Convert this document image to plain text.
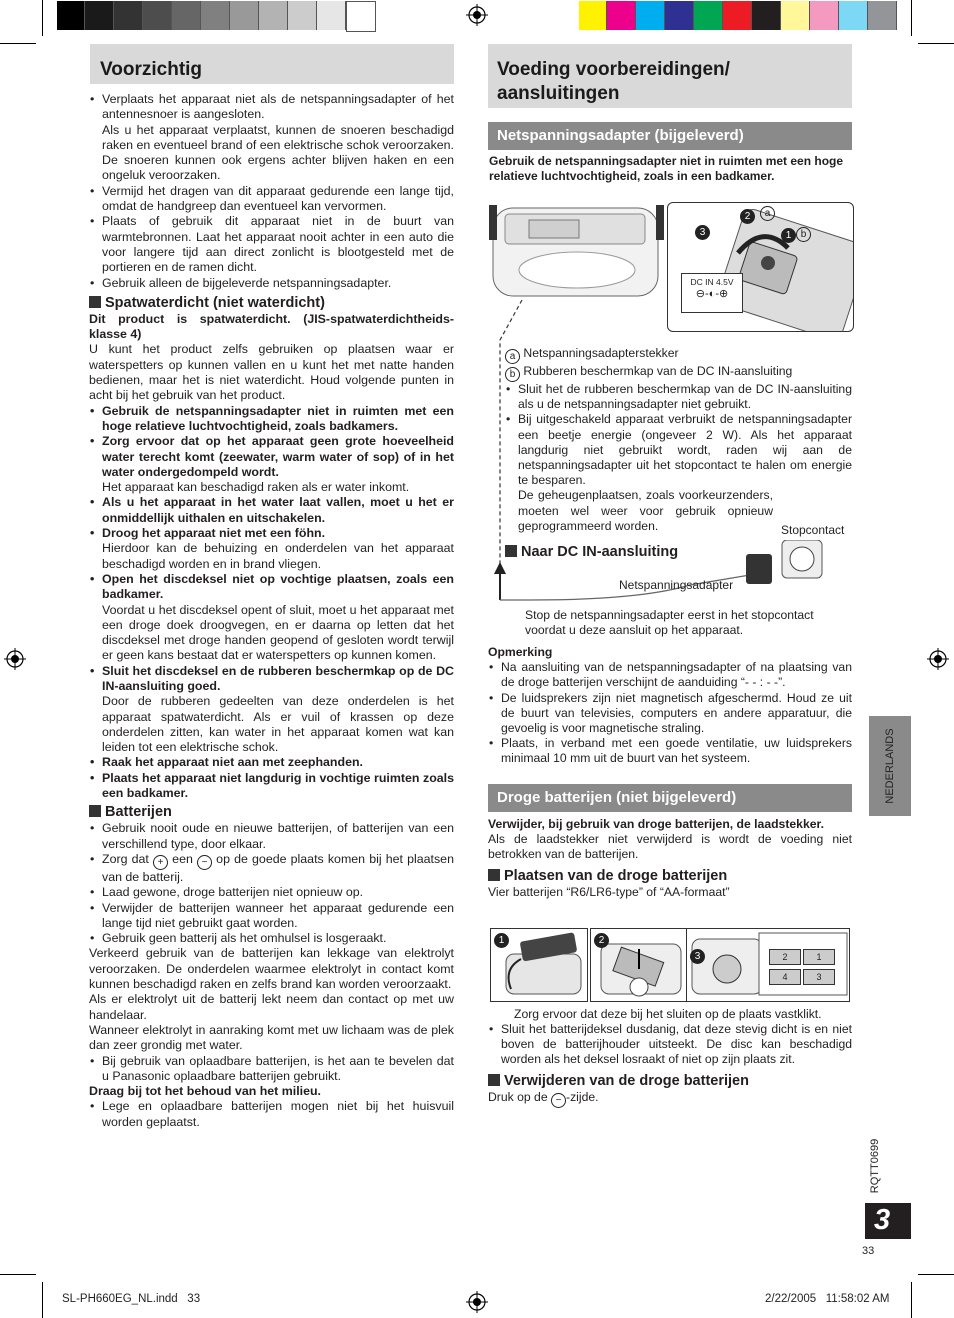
Voorzichtig

• Verplaats het apparaat niet als de netspanningsadapter of het antennesnoer is aangesloten.

Als u het apparaat verplaatst, kunnen de snoeren beschadigd raken en eventueel brand of een elektrische schok veroorzaken. De snoeren kunnen ook ergens achter blijven haken en een ongeluk veroorzaken.

• Vermijd het dragen van dit apparaat gedurende een lange tijd, omdat de handgreep dan eventueel kan vervormen.

• Plaats of gebruik dit apparaat niet in de buurt van warmtebronnen. Laat het apparaat nooit achter in een auto die voor langere tijd aan direct zonlicht is blootgesteld met de portieren en de ramen dicht.

• Gebruik alleen de bijgeleverde netspanningsadapter.

Spatwaterdicht (niet waterdicht)

Dit product is spatwaterdicht. (JIS-spatwaterdichtheids-klasse 4)

U kunt het product zelfs gebruiken op plaatsen waar er waterspetters op kunnen vallen en u kunt het met natte handen bedienen, maar het is niet waterdicht. Houd volgende punten in acht bij het gebruik van het product.

• Gebruik de netspanningsadapter niet in ruimten met een hoge relatieve luchtvochtigheid, zoals badkamers.

• Zorg ervoor dat op het apparaat geen grote hoeveelheid water terecht komt (zeewater, warm water of sop) of in het water ondergedompeld wordt.

Het apparaat kan beschadigd raken als er water inkomt.

• Als u het apparaat in het water laat vallen, moet u het er onmiddellijk uithalen en uitschakelen.

• Droog het apparaat niet met een föhn.

Hierdoor kan de behuizing en onderdelen van het apparaat beschadigd worden en in brand vliegen.

• Open het discdeksel niet op vochtige plaatsen, zoals een badkamer.

Voordat u het discdeksel opent of sluit, moet u het apparaat met een droge doek droogvegen, en er daarna op letten dat het discdeksel met droge handen geopend of gesloten wordt terwijl er geen kans bestaat dat er waterspetters op kunnen komen.

• Sluit het discdeksel en de rubberen beschermkap op de DC IN-aansluiting goed.

Door de rubberen gedeelten van deze onderdelen is het apparaat spatwaterdicht. Als er vuil of krassen op deze onderdelen zitten, kan water in het apparaat komen wat kan leiden tot een elektrische schok.

• Raak het apparaat niet aan met zeephanden.

• Plaats het apparaat niet langdurig in vochtige ruimten zoals een badkamer.

Batterijen

• Gebruik nooit oude en nieuwe batterijen, of batterijen van een verschillend type, door elkaar.

• Zorg dat + een − op de goede plaats komen bij het plaatsen van de batterij.

• Laad gewone, droge batterijen niet opnieuw op.

• Verwijder de batterijen wanneer het apparaat gedurende een lange tijd niet gebruikt gaat worden.

• Gebruik geen batterij als het omhulsel is losgeraakt.

Verkeerd gebruik van de batterijen kan lekkage van elektrolyt veroorzaken. De onderdelen waarmee elektrolyt in contact komt kunnen beschadigd raken en zelfs brand kan worden veroorzaakt.

Als er elektrolyt uit de batterij lekt neem dan contact op met uw handelaar.

Wanneer elektrolyt in aanraking komt met uw lichaam was de plek dan zeer grondig met water.

• Bij gebruik van oplaadbare batterijen, is het aan te bevelen dat u Panasonic oplaadbare batterijen gebruikt.

Draag bij tot het behoud van het milieu.

• Lege en oplaadbare batterijen mogen niet bij het huisvuil worden geplaatst.

Voeding voorbereidingen/ aansluitingen
Netspanningsadapter (bijgeleverd)
Gebruik de netspanningsadapter niet in ruimten met een hoge relatieve luchtvochtigheid, zoals in een badkamer.
DC IN 4.5V
⊖‑◐‑⊕
a
b
2
1
3

a Netspanningsadapterstekker

b Rubberen beschermkap van de DC IN-aansluiting

• Sluit het de rubberen beschermkap van de DC IN-aansluiting als u de netspanningsadapter niet gebruikt.

• Bij uitgeschakeld apparaat verbruikt de netspanningsadapter een beetje energie (ongeveer 2 W). Als het apparaat langdurig niet gebruikt wordt, raden wij aan de netspanningsadapter uit het stopcontact te halen om energie te besparen.

De geheugenplaatsen, zoals voorkeurzenders, moeten wel weer voor gebruik opnieuw geprogrammeerd worden.	Stopcontact
Naar DC IN-aansluiting
Netspanningsadapter
Stop de netspanningsadapter eerst in het stopcontact voordat u deze aansluit op het apparaat.

Opmerking

• Na aansluiting van de netspanningsadapter of na plaatsing van de droge batterijen verschijnt de aanduiding “- - : - -”.

• De luidsprekers zijn niet magnetisch afgeschermd. Houd ze uit de buurt van televisies, computers en andere apparatuur, die gevoelig is voor magnetische straling.

• Plaats, in verband met een goede ventilatie, uw luidsprekers minimaal 10 mm uit de buurt van het systeem.

Droge batterijen (niet bijgeleverd)

Verwijder, bij gebruik van droge batterijen, de laadstekker.

Als de laadstekker niet verwijderd is wordt de voeding niet betrokken van de batterijen.

Plaatsen van de droge batterijen

Vier batterijen “R6/LR6-type” of “AA-formaat”

1	2
3	2	1
4	3
Zorg ervoor dat deze bij het sluiten op de plaats vastklikt.

• Sluit het batterijdeksel dusdanig, dat deze stevig dicht is en niet boven de batterijhouder uitsteekt. De disc kan beschadigd worden als het deksel losraakt of niet op zijn plaats zit.

Verwijderen van de droge batterijen

Druk op de − -zijde.

NEDERLANDS
RQTT0699
3
33
SL-PH660EG_NL.indd   33	2/22/2005   11:58:02 AM
